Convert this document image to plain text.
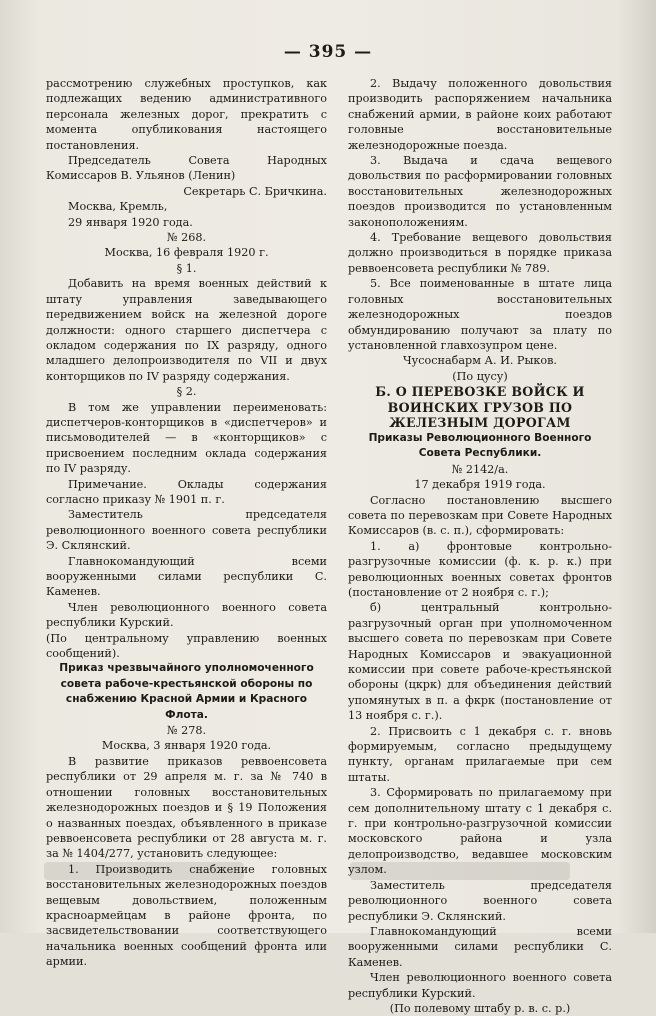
— 395 —

рассмотрению служебных проступков, как подлежащих ведению административного персонала железных дорог, прекратить с момента опубликования настоящего постановления.

Председатель Совета Народных Комиссаров В. Ульянов (Ленин)

Секретарь С. Бричкина.

Москва, Кремль,

29 января 1920 года.

№ 268.

Москва, 16 февраля 1920 г.

§ 1.

Добавить на время военных действий к штату управления заведывающего передвижением войск на железной дороге должности: одного старшего диспетчера с окладом содержания по IX разряду, одного младшего делопроизводителя по VII и двух конторщиков по IV разряду содержания.

§ 2.

В том же управлении переименовать: диспетчеров-конторщиков в «диспетчеров» и письмоводителей — в «конторщиков» с присвоением последним оклада содержания по IV разряду.

Примечание. Оклады содержания согласно приказу № 1901 п. г.

Заместитель председателя революционного военного совета республики Э. Склянский.

Главнокомандующий всеми вооруженными силами республики С. Каменев.

Член революционного военного совета республики Курский.

(По центральному управлению военных сообщений).

Приказ чрезвычайного уполномоченного совета рабоче-крестьянской обороны по снабжению Красной Армии и Красного Флота.

№ 278.

Москва, 3 января 1920 года.

В развитие приказов реввоенсовета республики от 29 апреля м. г. за № 740 в отношении головных восстановительных железнодорожных поездов и § 19 Положения о названных поездах, объявленного в приказе реввоенсовета республики от 28 августа м. г. за № 1404/277, установить следующее:

1. Производить снабжение головных восстановительных железнодорожных поездов вещевым довольствием, положенным красноармейцам в районе фронта, по засвидетельствовании соответствующего начальника военных сообщений фронта или армии.

2. Выдачу положенного довольствия производить распоряжением начальника снабжений армии, в районе коих работают головные восстановительные железнодорожные поезда.

3. Выдача и сдача вещевого довольствия по расформировании головных восстановительных железнодорожных поездов производится по установленным законоположениям.

4. Требование вещевого довольствия должно производиться в порядке приказа реввоенсовета республики № 789.

5. Все поименованные в штате лица головных восстановительных железнодорожных поездов обмундированию получают за плату по установленной главхозупром цене.

Чусоснабарм А. И. Рыков.

(По цусу)

Б. О ПЕРЕВОЗКЕ ВОЙСК И ВОИНСКИХ ГРУЗОВ ПО ЖЕЛЕЗНЫМ ДОРОГАМ

Приказы Революционного Военного Совета Республики.

№ 2142/а.

17 декабря 1919 года.

Согласно постановлению высшего совета по перевозкам при Совете Народных Комиссаров (в. с. п.), сформировать:

1. а) фронтовые контрольно-разгрузочные комиссии (ф. к. р. к.) при революционных военных советах фронтов (постановление от 2 ноября с. г.);

б) центральный контрольно-разгрузочный орган при уполномоченном высшего совета по перевозкам при Совете Народных Комиссаров и эвакуационной комиссии при совете рабоче-крестьянской обороны (цкрк) для объединения действий упомянутых в п. а фкрк (постановление от 13 ноября с. г.).

2. Присвоить с 1 декабря с. г. вновь формируемым, согласно предыдущему пункту, органам прилагаемые при сем штаты.

3. Сформировать по прилагаемому при сем дополнительному штату с 1 декабря с. г. при контрольно-разгрузочной комиссии московского района и узла делопроизводство, ведавшее московским узлом.

Заместитель председателя революционного военного совета республики Э. Склянский.

Главнокомандующий всеми вооруженными силами республики С. Каменев.

Член революционного военного совета республики Курский.

(По полевому штабу р. в. с. р.)
